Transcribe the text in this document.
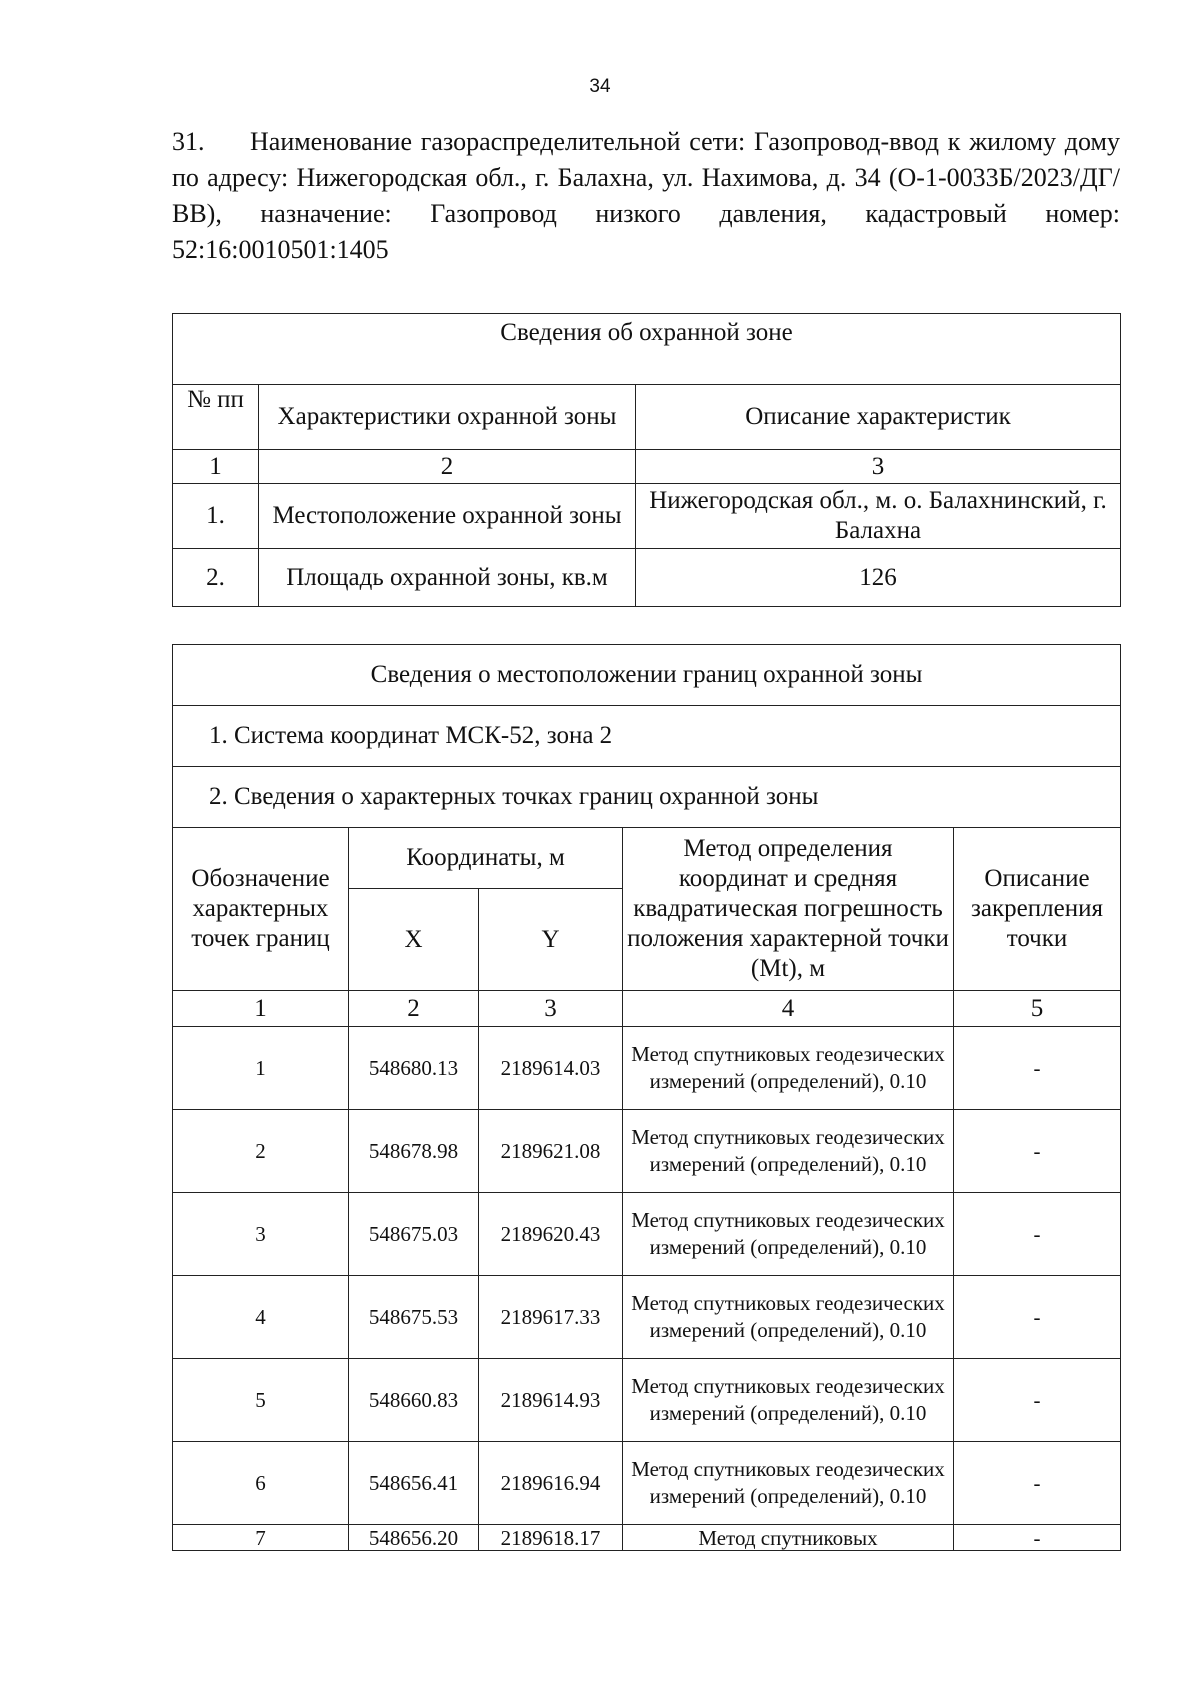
34
31. Наименование газораспределительной сети: Газопровод-ввод к жилому дому по адресу: Нижегородская обл., г. Балахна, ул. Нахимова, д. 34 (О-1-0033Б/2023/ДГ/ВВ), назначение: Газопровод низкого давления, кадастровый номер: 52:16:0010501:1405
Сведения об охранной зоне		
№ пп	Характеристики охранной зоны	Описание характеристик
1	2	3
1.	Местоположение охранной зоны	Нижегородская обл., м. о. Балахнинский, г. Балахна
2.	Площадь охранной зоны, кв.м	126
Сведения о местоположении границ охранной зоны				
1. Система координат МСК-52, зона 2				
2. Сведения о характерных точках границ охранной зоны				
Обозначение характерных точек границ	Координаты, м		Метод определения координат и средняя квадратическая погрешность положения характерной точки (Mt), м	Описание закрепления точки
	X	Y		
1	2	3	4	5
1	548680.13	2189614.03	Метод спутниковых геодезических измерений (определений), 0.10	-
2	548678.98	2189621.08	Метод спутниковых геодезических измерений (определений), 0.10	-
3	548675.03	2189620.43	Метод спутниковых геодезических измерений (определений), 0.10	-
4	548675.53	2189617.33	Метод спутниковых геодезических измерений (определений), 0.10	-
5	548660.83	2189614.93	Метод спутниковых геодезических измерений (определений), 0.10	-
6	548656.41	2189616.94	Метод спутниковых геодезических измерений (определений), 0.10	-
7	548656.20	2189618.17	Метод спутниковых	-
